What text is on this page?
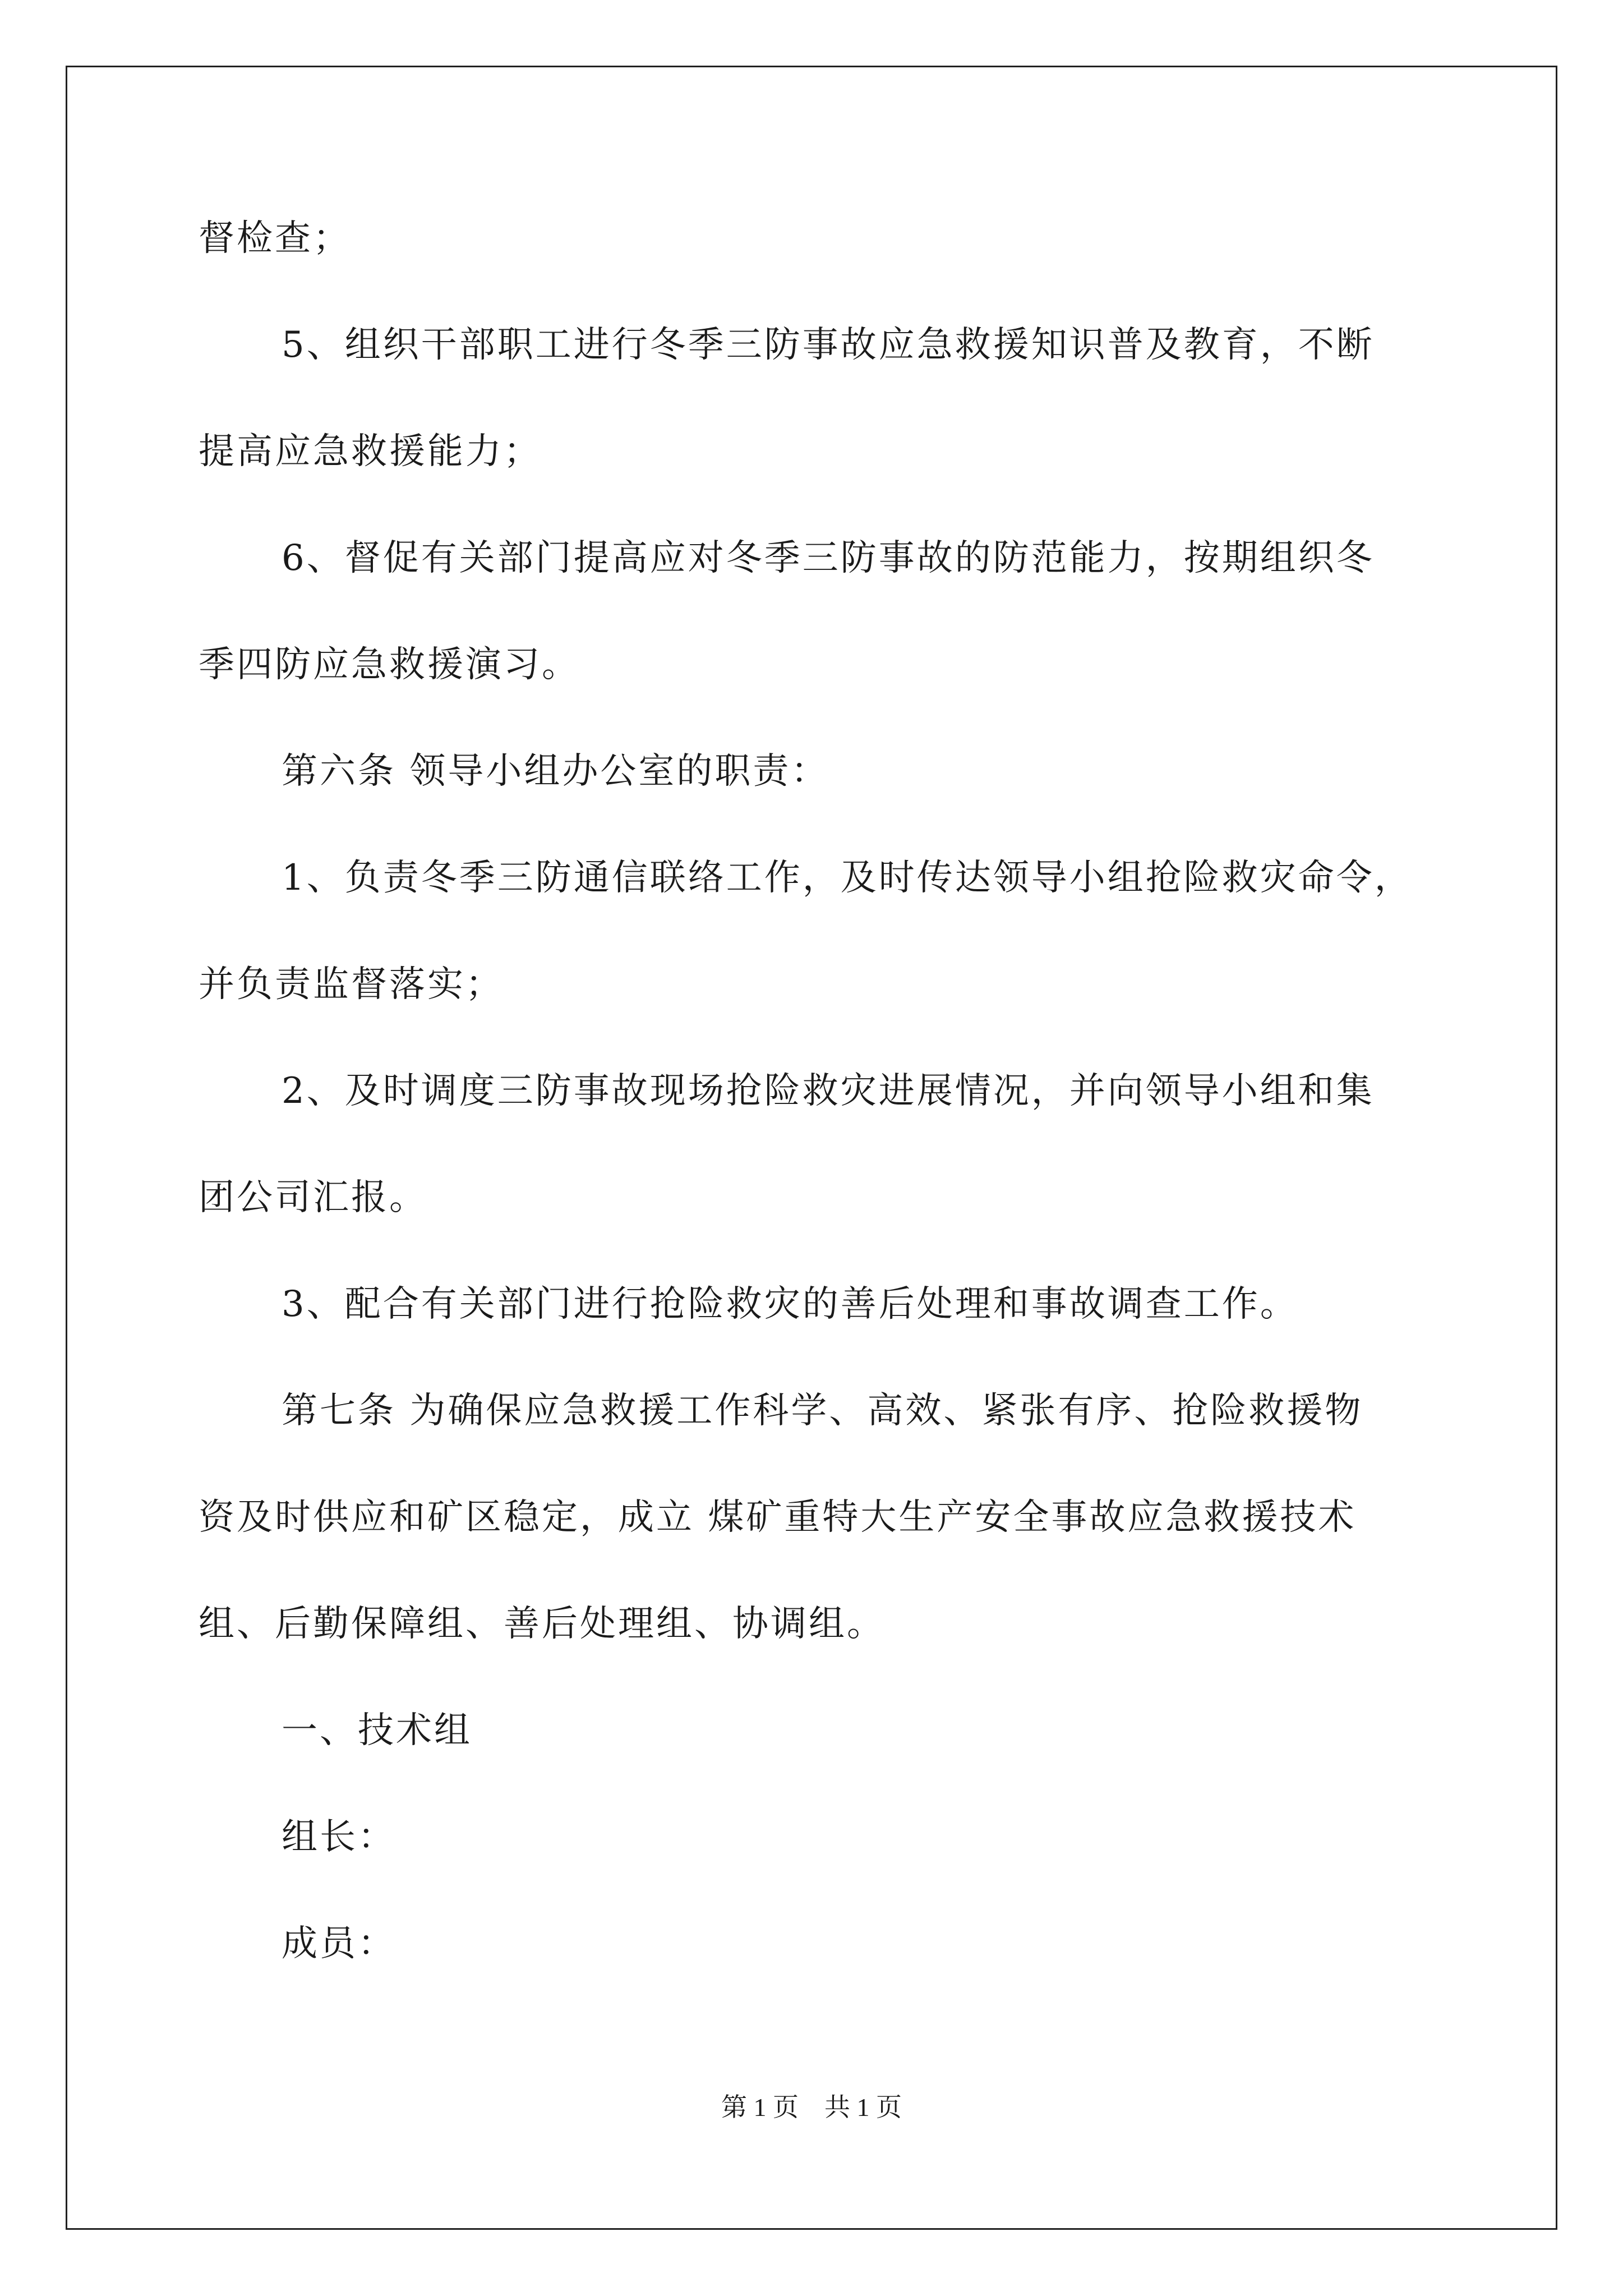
督检查；
5、组织干部职工进行冬季三防事故应急救援知识普及教育，不断
提高应急救援能力；
6、督促有关部门提高应对冬季三防事故的防范能力，按期组织冬
季四防应急救援演习。
第六条 领导小组办公室的职责：
1、负责冬季三防通信联络工作，及时传达领导小组抢险救灾命令，
并负责监督落实；
2、及时调度三防事故现场抢险救灾进展情况，并向领导小组和集
团公司汇报。
3、配合有关部门进行抢险救灾的善后处理和事故调查工作。
第七条 为确保应急救援工作科学、高效、紧张有序、抢险救援物
资及时供应和矿区稳定，成立 煤矿重特大生产安全事故应急救援技术
组、后勤保障组、善后处理组、协调组。
一、技术组
组长：
成员：
第 1 页    共 1 页
